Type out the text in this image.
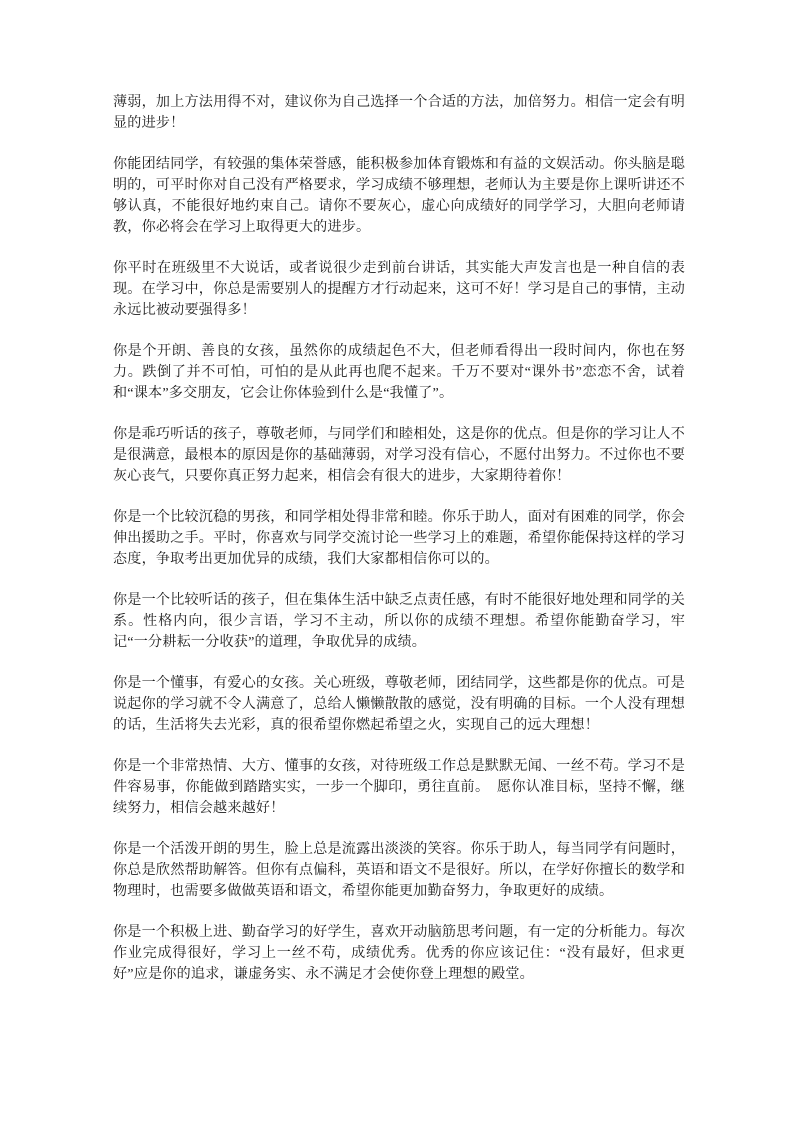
薄弱，加上方法用得不对，建议你为自己选择一个合适的方法，加倍努力。相信一定会有明显的进步！

你能团结同学，有较强的集体荣誉感，能积极参加体育锻炼和有益的文娱活动。你头脑是聪明的，可平时你对自己没有严格要求，学习成绩不够理想，老师认为主要是你上课听讲还不够认真，不能很好地约束自己。请你不要灰心，虚心向成绩好的同学学习，大胆向老师请教，你必将会在学习上取得更大的进步。

你平时在班级里不大说话，或者说很少走到前台讲话，其实能大声发言也是一种自信的表现。在学习中，你总是需要别人的提醒方才行动起来，这可不好！学习是自己的事情，主动永远比被动要强得多！

你是个开朗、善良的女孩，虽然你的成绩起色不大，但老师看得出一段时间内，你也在努力。跌倒了并不可怕，可怕的是从此再也爬不起来。千万不要对“课外书”恋恋不舍，试着和“课本”多交朋友，它会让你体验到什么是“我懂了”。

你是乖巧听话的孩子，尊敬老师，与同学们和睦相处，这是你的优点。但是你的学习让人不是很满意，最根本的原因是你的基础薄弱，对学习没有信心，不愿付出努力。不过你也不要灰心丧气，只要你真正努力起来，相信会有很大的进步，大家期待着你！

你是一个比较沉稳的男孩，和同学相处得非常和睦。你乐于助人，面对有困难的同学，你会伸出援助之手。平时，你喜欢与同学交流讨论一些学习上的难题，希望你能保持这样的学习态度，争取考出更加优异的成绩，我们大家都相信你可以的。

你是一个比较听话的孩子，但在集体生活中缺乏点责任感，有时不能很好地处理和同学的关系。性格内向，很少言语，学习不主动，所以你的成绩不理想。希望你能勤奋学习，牢记“一分耕耘一分收获”的道理，争取优异的成绩。

你是一个懂事，有爱心的女孩。关心班级，尊敬老师，团结同学，这些都是你的优点。可是说起你的学习就不令人满意了，总给人懒懒散散的感觉，没有明确的目标。一个人没有理想的话，生活将失去光彩，真的很希望你燃起希望之火，实现自己的远大理想！

你是一个非常热情、大方、懂事的女孩，对待班级工作总是默默无闻、一丝不苟。学习不是件容易事，你能做到踏踏实实，一步一个脚印，勇往直前。　愿你认准目标，坚持不懈，继续努力，相信会越来越好！

你是一个活泼开朗的男生，脸上总是流露出淡淡的笑容。你乐于助人，每当同学有问题时，你总是欣然帮助解答。但你有点偏科，英语和语文不是很好。所以，在学好你擅长的数学和物理时，也需要多做做英语和语文，希望你能更加勤奋努力，争取更好的成绩。

你是一个积极上进、勤奋学习的好学生，喜欢开动脑筋思考问题，有一定的分析能力。每次作业完成得很好，学习上一丝不苟，成绩优秀。优秀的你应该记住：“没有最好，但求更好”应是你的追求，谦虚务实、永不满足才会使你登上理想的殿堂。
